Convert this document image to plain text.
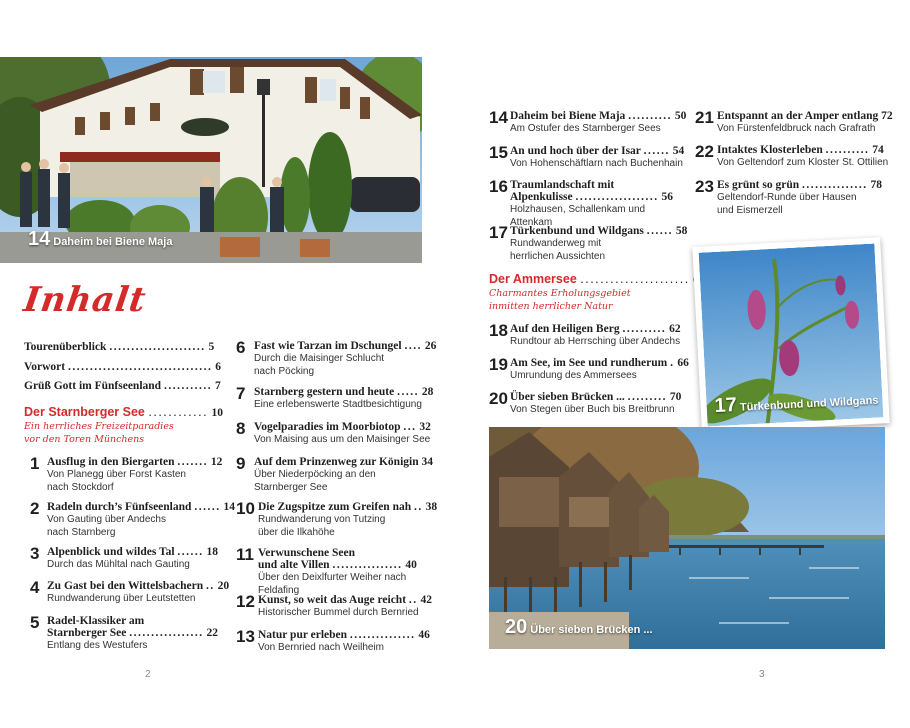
14 Daheim bei Biene Maja
Inhalt
Tourenüberblick ...................... 5
Vorwort ................................. 6
Grüß Gott im Fünfseenland ........... 7
Der Starnberger See ............ 10
Ein herrliches Freizeitparadies
vor den Toren Münchens
1 Ausflug in den Biergarten ....... 12
Von Planegg über Forst Kasten
nach Stockdorf
2 Radeln durch’s Fünfseenland ...... 14
Von Gauting über Andechs
nach Starnberg
3 Alpenblick und wildes Tal ...... 18
Durch das Mühltal nach Gauting
4 Zu Gast bei den Wittelsbachern .. 20
Rundwanderung über Leutstetten
5 Radel-Klassiker am
Starnberger See ................. 22
Entlang des Westufers
6 Fast wie Tarzan im Dschungel .... 26
Durch die Maisinger Schlucht
nach Pöcking
7 Starnberg gestern und heute ..... 28
Eine erlebenswerte Stadtbesichtigung
8 Vogelparadies im Moorbiotop ... 32
Von Maising aus um den Maisinger See
9 Auf dem Prinzenweg zur Königin 34
Über Niederpöcking an den
Starnberger See
10 Die Zugspitze zum Greifen nah .. 38
Rundwanderung von Tutzing
über die Ilkahöhe
11 Verwunschene Seen
und alte Villen ................ 40
Über den Deixlfurter Weiher nach Feldafing
12 Kunst, so weit das Auge reicht .. 42
Historischer Bummel durch Bernried
13 Natur pur erleben ............... 46
Von Bernried nach Weilheim
2
14 Daheim bei Biene Maja .......... 50
Am Ostufer des Starnberger Sees
15 An und hoch über der Isar ...... 54
Von Hohenschäftlarn nach Buchenhain
16 Traumlandschaft mit
Alpenkulisse ................... 56
Holzhausen, Schallenkam und Attenkam
17 Türkenbund und Wildgans ...... 58
Rundwanderweg mit
herrlichen Aussichten
Der Ammersee ......................
Charmantes Erholungsgebiet
inmitten herrlicher Natur
18 Auf den Heiligen Berg .......... 62
Rundtour ab Herrsching über Andechs
19 Am See, im See und rundherum . 66
Umrundung des Ammersees
20 Über sieben Brücken ... ......... 70
Von Stegen über Buch bis Breitbrunn
21 Entspannt an der Amper entlang 72
Von Fürstenfeldbruck nach Grafrath
22 Intaktes Klosterleben .......... 74
Von Geltendorf zum Kloster St. Ottilien
23 Es grünt so grün ............... 78
Geltendorf-Runde über Hausen
und Eismerzell
17 Türkenbund und Wildgans
20 Über sieben Brücken ...
3
